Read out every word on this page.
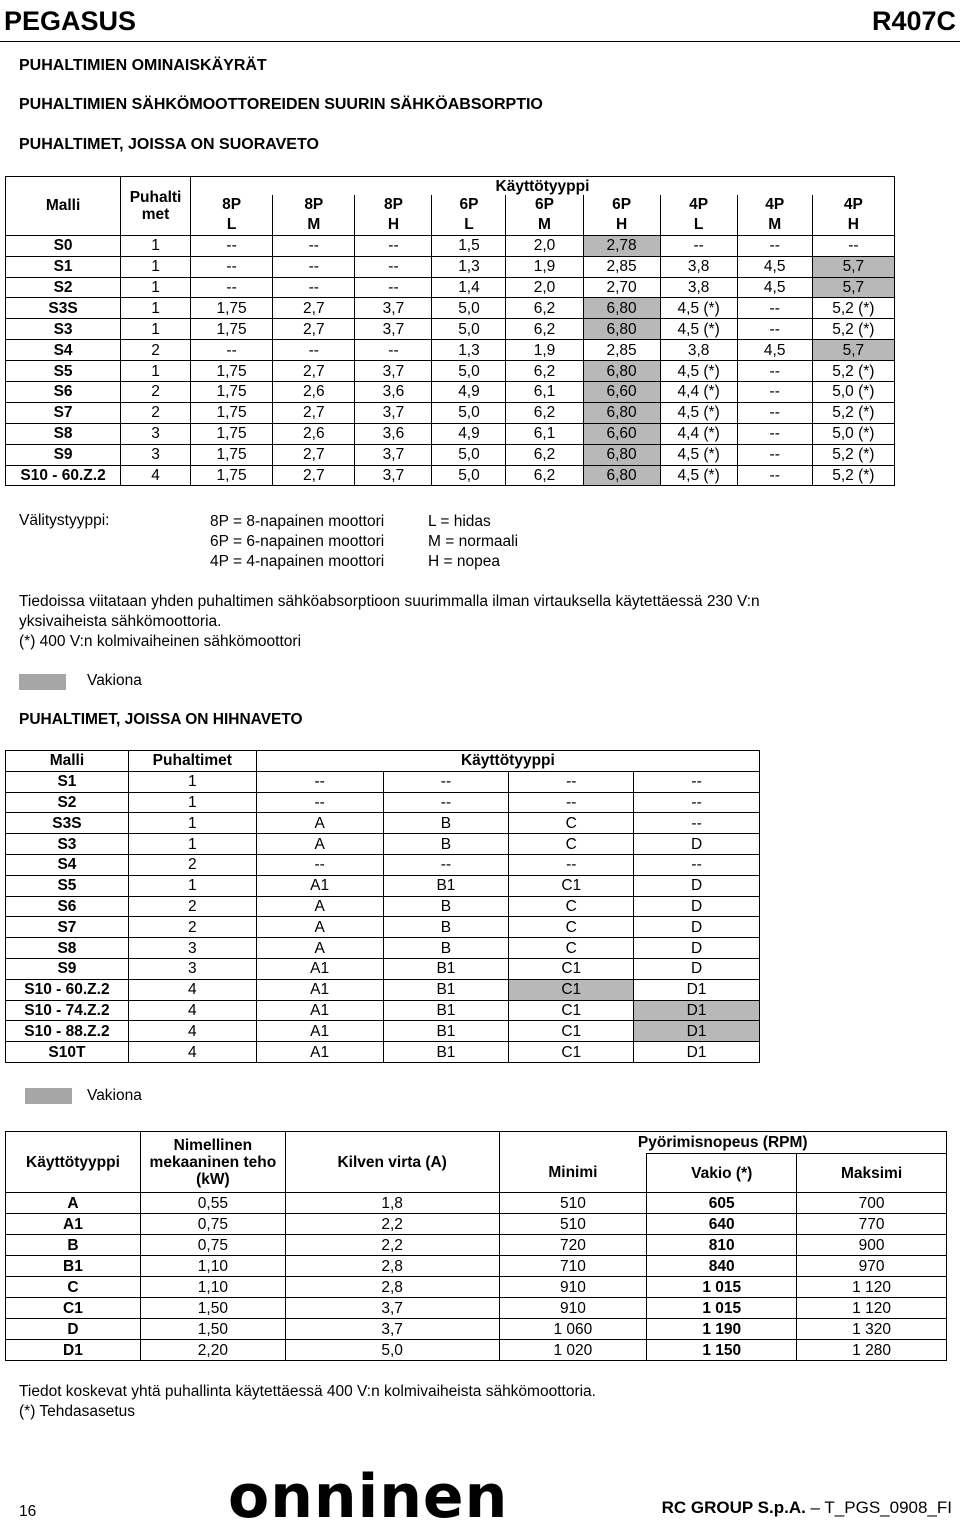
PEGASUS	R407C
PUHALTIMIEN OMINAISKÄYRÄT
PUHALTIMIEN SÄHKÖMOOTTOREIDEN SUURIN SÄHKÖABSORPTIO
PUHALTIMET, JOISSA ON SUORAVETO
Malli	Puhalti met	Käyttötyyppi								
		8P	8P	8P	6P	6P	6P	4P	4P	4P
		L	M	H	L	M	H	L	M	H
S0	1	--	--	--	1,5	2,0	2,78	--	--	--
S1	1	--	--	--	1,3	1,9	2,85	3,8	4,5	5,7
S2	1	--	--	--	1,4	2,0	2,70	3,8	4,5	5,7
S3S	1	1,75	2,7	3,7	5,0	6,2	6,80	4,5 (*)	--	5,2 (*)
S3	1	1,75	2,7	3,7	5,0	6,2	6,80	4,5 (*)	--	5,2 (*)
S4	2	--	--	--	1,3	1,9	2,85	3,8	4,5	5,7
S5	1	1,75	2,7	3,7	5,0	6,2	6,80	4,5 (*)	--	5,2 (*)
S6	2	1,75	2,6	3,6	4,9	6,1	6,60	4,4 (*)	--	5,0 (*)
S7	2	1,75	2,7	3,7	5,0	6,2	6,80	4,5 (*)	--	5,2 (*)
S8	3	1,75	2,6	3,6	4,9	6,1	6,60	4,4 (*)	--	5,0 (*)
S9	3	1,75	2,7	3,7	5,0	6,2	6,80	4,5 (*)	--	5,2 (*)
S10 - 60.Z.2	4	1,75	2,7	3,7	5,0	6,2	6,80	4,5 (*)	--	5,2 (*)
Välitystyyppi:	8P = 8-napainen moottori
6P = 6-napainen moottori
4P = 4-napainen moottori
L = hidas
M = normaali
H = nopea
Tiedoissa viitataan yhden puhaltimen sähköabsorptioon suurimmalla ilman virtauksella käytettäessä 230 V:n
yksivaiheista sähkömoottoria.
(*) 400 V:n kolmivaiheinen sähkömoottori
Vakiona
PUHALTIMET, JOISSA ON HIHNAVETO
Malli	Puhaltimet	Käyttötyyppi			
S1	1	--	--	--	--
S2	1	--	--	--	--
S3S	1	A	B	C	--
S3	1	A	B	C	D
S4	2	--	--	--	--
S5	1	A1	B1	C1	D
S6	2	A	B	C	D
S7	2	A	B	C	D
S8	3	A	B	C	D
S9	3	A1	B1	C1	D
S10 - 60.Z.2	4	A1	B1	C1	D1
S10 - 74.Z.2	4	A1	B1	C1	D1
S10 - 88.Z.2	4	A1	B1	C1	D1
S10T	4	A1	B1	C1	D1
Vakiona
Käyttötyyppi	Nimellinen mekaaninen teho (kW)	Kilven virta (A)	Pyörimisnopeus (RPM)		
			Minimi	Vakio (*)	Maksimi
A	0,55	1,8	510	605	700
A1	0,75	2,2	510	640	770
B	0,75	2,2	720	810	900
B1	1,10	2,8	710	840	970
C	1,10	2,8	910	1 015	1 120
C1	1,50	3,7	910	1 015	1 120
D	1,50	3,7	1 060	1 190	1 320
D1	2,20	5,0	1 020	1 150	1 280
Tiedot koskevat yhtä puhallinta käytettäessä 400 V:n kolmivaiheista sähkömoottoria.
(*) Tehdasasetus
16	onninen	RC GROUP S.p.A. – T_PGS_0908_FI
